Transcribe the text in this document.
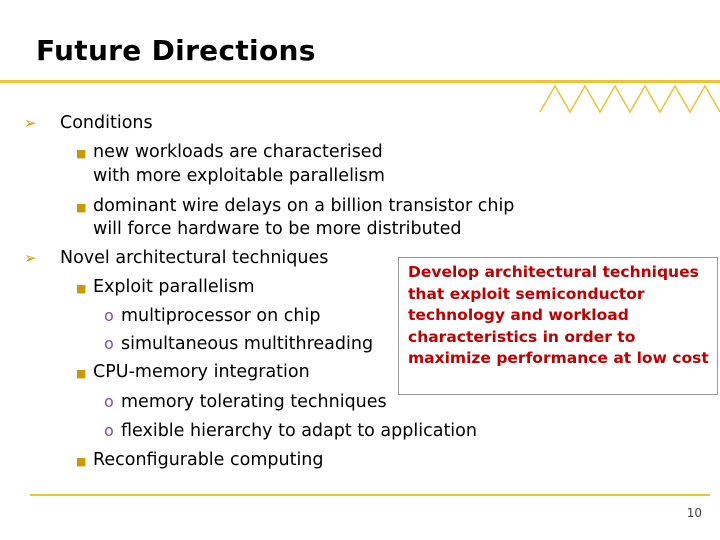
Future Directions
➢ Conditions
■ new workloads are characterised
with more exploitable parallelism
■ dominant wire delays on a billion transistor chip
will force hardware to be more distributed
➢ Novel architectural techniques
■ Exploit parallelism
o multiprocessor on chip
o simultaneous multithreading
■ CPU-memory integration
o memory tolerating techniques
o flexible hierarchy to adapt to application
■ Reconfigurable computing
Develop architectural techniques that exploit semiconductor technology and workload characteristics in order to maximize performance at low cost
10
